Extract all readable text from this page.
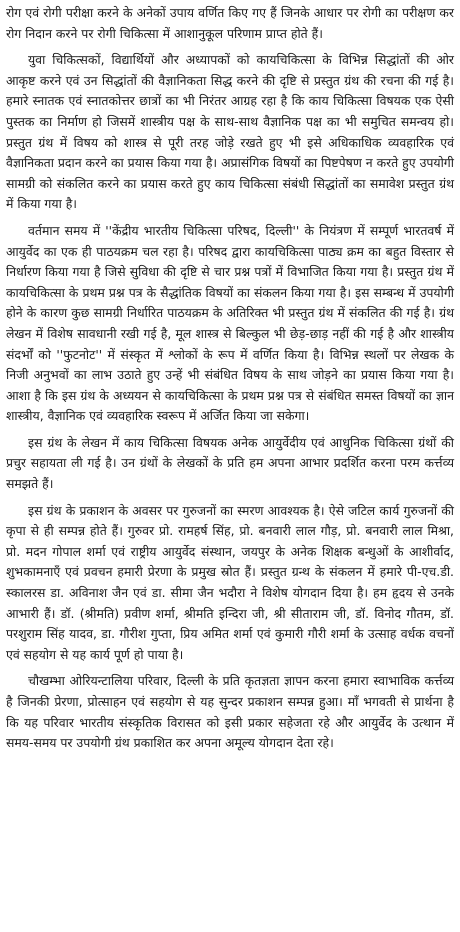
रोग एवं रोगी परीक्षा करने के अनेकों उपाय वर्णित किए गए हैं जिनके आधार पर रोगी का परीक्षण कर रोग निदान करने पर रोगी चिकित्सा में आशानुकूल परिणाम प्राप्त होते हैं।

युवा चिकित्सकों, विद्यार्थियों और अध्यापकों को कायचिकित्सा के विभिन्न सिद्धांतों की ओर आकृष्ट करने एवं उन सिद्धांतों की वैज्ञानिकता सिद्ध करने की दृष्टि से प्रस्तुत ग्रंथ की रचना की गई है। हमारे स्नातक एवं स्नातकोत्तर छात्रों का भी निरंतर आग्रह रहा है कि काय चिकित्सा विषयक एक ऐसी पुस्तक का निर्माण हो जिसमें शास्त्रीय पक्ष के साथ-साथ वैज्ञानिक पक्ष का भी समुचित समन्वय हो। प्रस्तुत ग्रंथ में विषय को शास्त्र से पूरी तरह जोड़े रखते हुए भी इसे अधिकाधिक व्यवहारिक एवं वैज्ञानिकता प्रदान करने का प्रयास किया गया है। अप्रासंगिक विषयों का पिष्टपेषण न करते हुए उपयोगी सामग्री को संकलित करने का प्रयास करते हुए काय चिकित्सा संबंधी सिद्धांतों का समावेश प्रस्तुत ग्रंथ में किया गया है।

वर्तमान समय में ''केंद्रीय भारतीय चिकित्सा परिषद, दिल्ली'' के नियंत्रण में सम्पूर्ण भारतवर्ष में आयुर्वेद का एक ही पाठयक्रम चल रहा है। परिषद द्वारा कायचिकित्सा पाठ्य क्रम का बहुत विस्तार से निर्धारण किया गया है जिसे सुविधा की दृष्टि से चार प्रश्न पत्रों में विभाजित किया गया है। प्रस्तुत ग्रंथ में कायचिकित्सा के प्रथम प्रश्न पत्र के सैद्धांतिक विषयों का संकलन किया गया है। इस सम्बन्ध में उपयोगी होने के कारण कुछ सामग्री निर्धारित पाठयक्रम के अतिरिक्त भी प्रस्तुत ग्रंथ में संकलित की गई है। ग्रंथ लेखन में विशेष सावधानी रखी गई है, मूल शास्त्र से बिल्कुल भी छेड़-छाड़ नहीं की गई है और शास्त्रीय संदर्भों को ''फुटनोट'' में संस्कृत में श्लोकों के रूप में वर्णित किया है। विभिन्न स्थलों पर लेखक के निजी अनुभवों का लाभ उठाते हुए उन्हें भी संबंधित विषय के साथ जोड़ने का प्रयास किया गया है। आशा है कि इस ग्रंथ के अध्ययन से कायचिकित्सा के प्रथम प्रश्न पत्र से संबंधित समस्त विषयों का ज्ञान शास्त्रीय, वैज्ञानिक एवं व्यवहारिक स्वरूप में अर्जित किया जा सकेगा।

इस ग्रंथ के लेखन में काय चिकित्सा विषयक अनेक आयुर्वेदीय एवं आधुनिक चिकित्सा ग्रंथों की प्रचुर सहायता ली गई है। उन ग्रंथों के लेखकों के प्रति हम अपना आभार प्रदर्शित करना परम कर्त्तव्य समझते हैं।

इस ग्रंथ के प्रकाशन के अवसर पर गुरुजनों का स्मरण आवश्यक है। ऐसे जटिल कार्य गुरुजनों की कृपा से ही सम्पन्न होते हैं। गुरुवर प्रो. रामहर्ष सिंह, प्रो. बनवारी लाल गौड़, प्रो. बनवारी लाल मिश्रा, प्रो. मदन गोपाल शर्मा एवं राष्ट्रीय आयुर्वेद संस्थान, जयपुर के अनेक शिक्षक बन्धुओं के आशीर्वाद, शुभकामनाएँ एवं प्रवचन हमारी प्रेरणा के प्रमुख स्रोत हैं। प्रस्तुत ग्रन्थ के संकलन में हमारे पी-एच.डी. स्कालरस डा. अविनाश जैन एवं डा. सीमा जैन भदौरा ने विशेष योगदान दिया है। हम हृदय से उनके आभारी हैं। डॉ. (श्रीमति) प्रवीण शर्मा, श्रीमति इन्दिरा जी, श्री सीताराम जी, डॉ. विनोद गौतम, डॉ. परशुराम सिंह यादव, डा. गौरीश गुप्ता, प्रिय अमित शर्मा एवं कुमारी गौरी शर्मा के उत्साह वर्धक वचनों एवं सहयोग से यह कार्य पूर्ण हो पाया है।

चौखम्भा ओरियन्टालिया परिवार, दिल्ली के प्रति कृतज्ञता ज्ञापन करना हमारा स्वाभाविक कर्त्तव्य है जिनकी प्रेरणा, प्रोत्साहन एवं सहयोग से यह सुन्दर प्रकाशन सम्पन्न हुआ। माँ भगवती से प्रार्थना है कि यह परिवार भारतीय संस्कृतिक विरासत को इसी प्रकार सहेजता रहे और आयुर्वेद के उत्थान में समय-समय पर उपयोगी ग्रंथ प्रकाशित कर अपना अमूल्य योगदान देता रहे।
